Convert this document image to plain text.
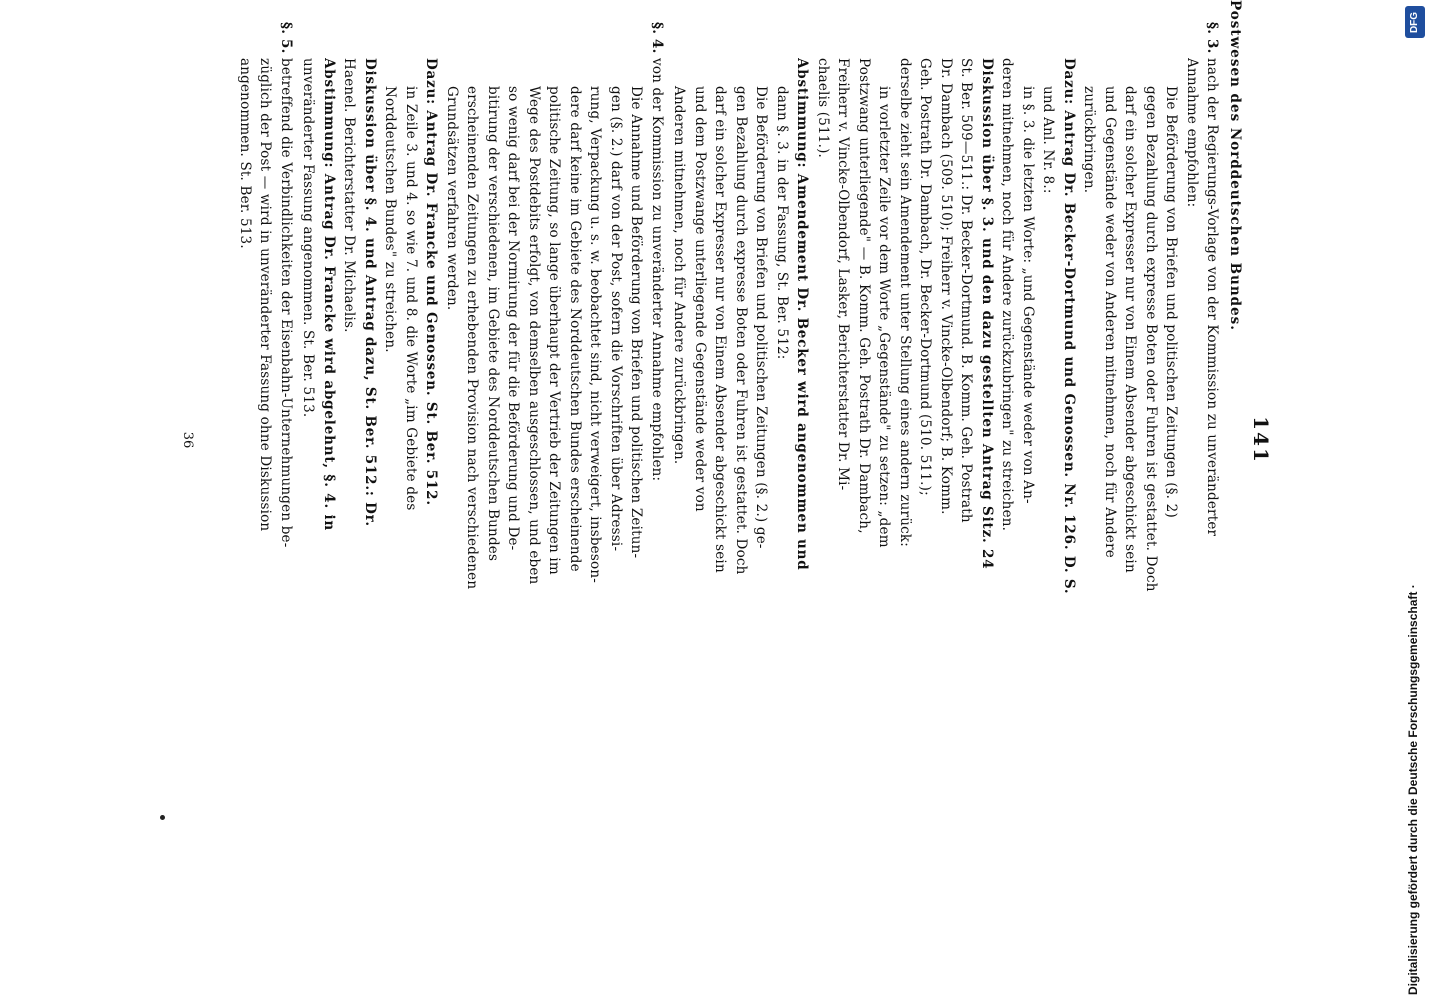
141
Postwesen des Norddeutschen Bundes.
§. 3.
nach der Regierungs-Vorlage von der Kommission zu unveränderter
Annahme empfohlen:
Die Beförderung von Briefen und politischen Zeitungen (§. 2)
gegen Bezahlung durch expresse Boten oder Fuhren ist gestattet. Doch
darf ein solcher Expresser nur von Einem Absender abgeschickt sein
und Gegenstände weder von Anderen mitnehmen, noch für Andere
zurückbringen.
Dazu: Antrag Dr. Becker-Dortmund und Genossen. Nr. 126. D. S.
und Anl. Nr. 8.:
in §. 3. die letzten Worte: „und Gegenstände weder von An-
deren mitnehmen, noch für Andere zurückzubringen" zu streichen.
Diskussion über §. 3. und den dazu gestellten Antrag Sitz. 24
St. Ber. 509—511.: Dr. Becker-Dortmund. B. Komm. Geh. Postrath
Dr. Dambach (509. 510); Freiherr v. Vincke-Olbendorf; B. Komm.
Geh. Postrath Dr. Dambach, Dr. Becker-Dortmund (510. 511.);
derselbe zieht sein Amendement unter Stellung eines andern zurück:
in vorletzter Zeile vor dem Worte „Gegenstände" zu setzen: „dem
Postzwang unterliegende" — B. Komm. Geh. Postrath Dr. Dambach,
Freiherr v. Vincke-Olbendorf, Lasker, Berichterstatter Dr. Mi-
chaelis (511.).
Abstimmung: Amendement Dr. Becker wird angenommen und
dann §. 3. in der Fassung, St. Ber. 512:
Die Beförderung von Briefen und politischen Zeitungen (§. 2.) ge-
gen Bezahlung durch expresse Boten oder Fuhren ist gestattet. Doch
darf ein solcher Expresser nur von Einem Absender abgeschickt sein
und dem Postzwange unterliegende Gegenstände weder von
Anderen mitnehmen, noch für Andere zurückbringen.
§. 4.
von der Kommission zu unveränderter Annahme empfohlen:
Die Annahme und Beförderung von Briefen und politischen Zeitun-
gen (§. 2.) darf von der Post, sofern die Vorschriften über Adressi-
rung, Verpackung u. s. w. beobachtet sind, nicht verweigert, insbeson-
dere darf keine im Gebiete des Norddeutschen Bundes erscheinende
politische Zeitung, so lange überhaupt der Vertrieb der Zeitungen im
Wege des Postdebits erfolgt, von demselben ausgeschlossen, und eben
so wenig darf bei der Normirung der für die Beförderung und De-
bitirung der verschiedenen, im Gebiete des Norddeutschen Bundes
erscheinenden Zeitungen zu erhebenden Provision nach verschiedenen
Grundsätzen verfahren werden.
Dazu: Antrag Dr. Francke und Genossen. St. Ber. 512.
in Zeile 3. und 4. so wie 7. und 8. die Worte „im Gebiete des
Norddeutschen Bundes" zu streichen.
Diskussion über §. 4. und Antrag dazu, St. Ber. 512.: Dr.
Haenel. Berichterstatter Dr. Michaelis.
Abstimmung: Antrag Dr. Francke wird abgelehnt, §. 4. in
unveränderter Fassung angenommen. St. Ber. 513.
§. 5.
betreffend die Verbindlichkeiten der Eisenbahn-Unternehmungen be-
züglich der Post — wird in unveränderter Fassung ohne Diskussion
angenommen. St. Ber. 513.
36
DFG
Digitalisierung gefördert durch die Deutsche Forschungsgemeinschaft ·
